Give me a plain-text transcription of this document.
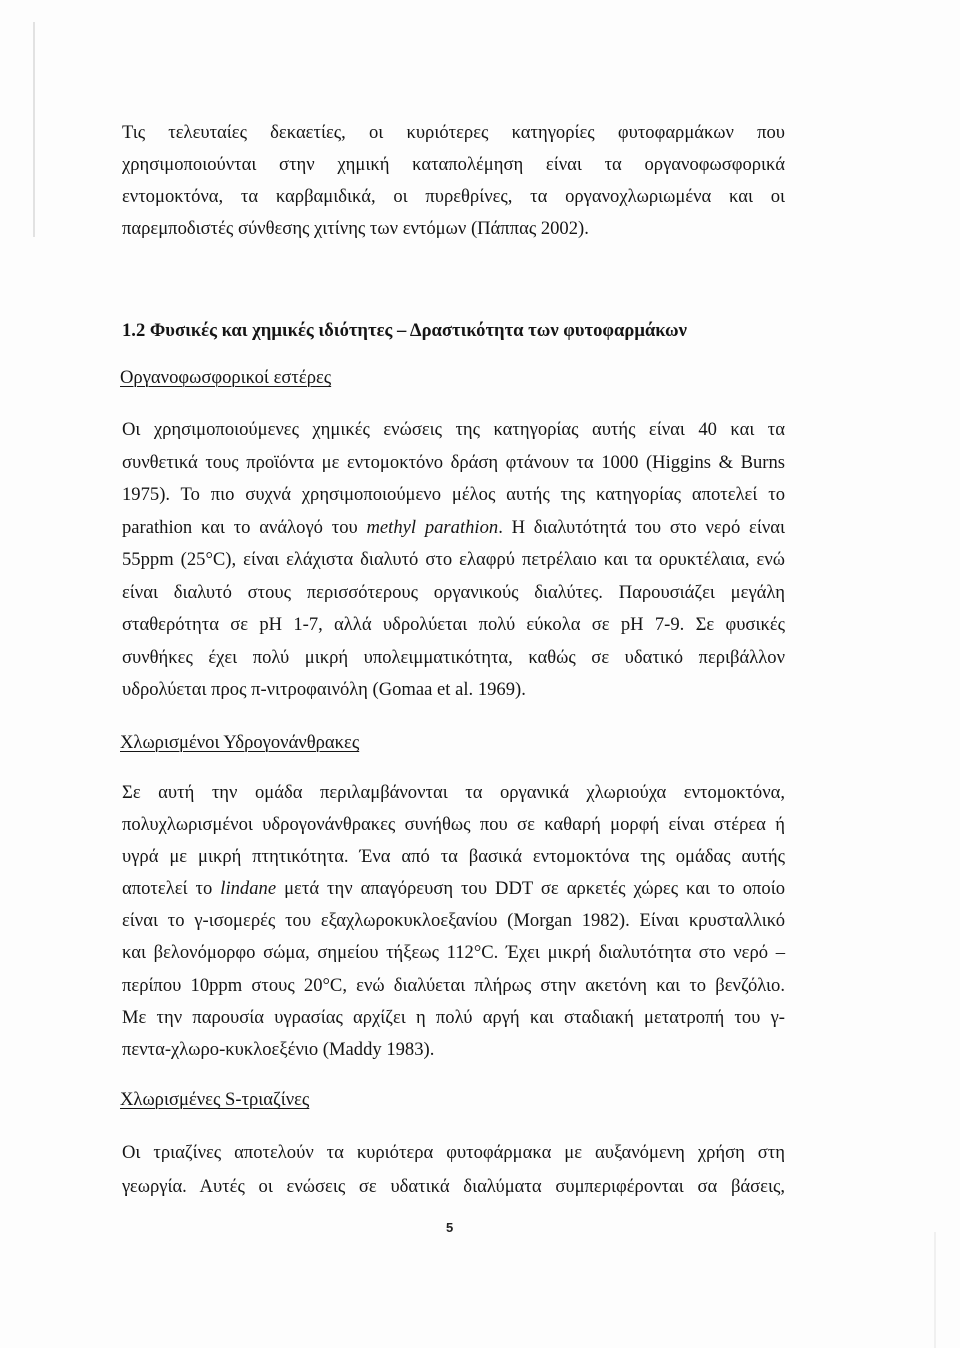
Τις τελευταίες δεκαετίες, οι κυριότερες κατηγορίες φυτοφαρμάκων που
χρησιμοποιούνται στην χημική καταπολέμηση είναι τα οργανοφωσφορικά
εντομοκτόνα, τα καρβαμιδικά, οι πυρεθρίνες, τα οργανοχλωριωμένα και οι
παρεμποδιστές σύνθεσης χιτίνης των εντόμων (Πάππας 2002).
1.2 Φυσικές και χημικές ιδιότητες – Δραστικότητα των φυτοφαρμάκων
Οργανοφωσφορικοί εστέρες
Οι χρησιμοποιούμενες χημικές ενώσεις της κατηγορίας αυτής είναι 40 και τα
συνθετικά τους προϊόντα με εντομοκτόνο δράση φτάνουν τα 1000 (Higgins & Burns
1975). Το πιο συχνά χρησιμοποιούμενο μέλος αυτής της κατηγορίας αποτελεί το
parathion και το ανάλογό του methyl parathion. Η διαλυτότητά του στο νερό είναι
55ppm (25°C), είναι ελάχιστα διαλυτό στο ελαφρύ πετρέλαιο και τα ορυκτέλαια, ενώ
είναι διαλυτό στους περισσότερους οργανικούς διαλύτες. Παρουσιάζει μεγάλη
σταθερότητα σε pH 1-7, αλλά υδρολύεται πολύ εύκολα σε pH 7-9. Σε φυσικές
συνθήκες έχει πολύ μικρή υπολειμματικότητα, καθώς σε υδατικό περιβάλλον
υδρολύεται προς π-νιτροφαινόλη (Gomaa et al. 1969).
Χλωρισμένοι Υδρογονάνθρακες
Σε αυτή την ομάδα περιλαμβάνονται τα οργανικά χλωριούχα εντομοκτόνα,
πολυχλωρισμένοι υδρογονάνθρακες συνήθως που σε καθαρή μορφή είναι στέρεα ή
υγρά με μικρή πτητικότητα. Ένα από τα βασικά εντομοκτόνα της ομάδας αυτής
αποτελεί το lindane μετά την απαγόρευση του DDT σε αρκετές χώρες και το οποίο
είναι το γ-ισομερές του εξαχλωροκυκλοεξανίου (Morgan 1982). Είναι κρυσταλλικό
και βελονόμορφο σώμα, σημείου τήξεως 112°C. Έχει μικρή διαλυτότητα στο νερό –
περίπου 10ppm στους 20°C, ενώ διαλύεται πλήρως στην ακετόνη και το βενζόλιο.
Με την παρουσία υγρασίας αρχίζει η πολύ αργή και σταδιακή μετατροπή του γ-
πεντα-χλωρο-κυκλοεξένιο (Maddy 1983).
Χλωρισμένες S-τριαζίνες
Οι τριαζίνες αποτελούν τα κυριότερα φυτοφάρμακα με αυξανόμενη χρήση στη
γεωργία. Αυτές οι ενώσεις σε υδατικά διαλύματα συμπεριφέρονται σα βάσεις,
5
